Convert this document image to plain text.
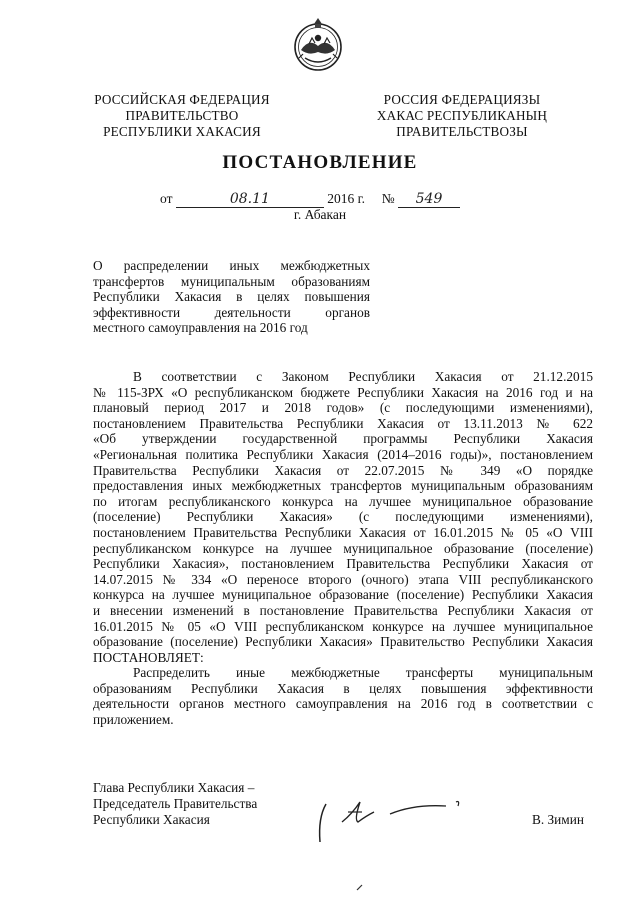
РОССИЙСКАЯ ФЕДЕРАЦИЯ
ПРАВИТЕЛЬСТВО
РЕСПУБЛИКИ ХАКАСИЯ
РОССИЯ ФЕДЕРАЦИЯЗЫ
ХАКАС РЕСПУБЛИКАНЫҢ
ПРАВИТЕЛЬСТВОЗЫ
ПОСТАНОВЛЕНИЕ
от	08.11	2016 г. № 549
г. Абакан
О распределении иных межбюджетных
трансфертов муниципальным образованиям
Республики Хакасия в целях повышения
эффективности деятельности органов
местного самоуправления на 2016 год
В соответствии с Законом Республики Хакасия от 21.12.2015
№ 115-ЗРХ «О республиканском бюджете Республики Хакасия на 2016 год и на
плановый период 2017 и 2018 годов» (с последующими изменениями),
постановлением Правительства Республики Хакасия от 13.11.2013 № 622
«Об утверждении государственной программы Республики Хакасия
«Региональная политика Республики Хакасия (2014–2016 годы)», постановлением
Правительства Республики Хакасия от 22.07.2015 № 349 «О порядке
предоставления иных межбюджетных трансфертов муниципальным образованиям
по итогам республиканского конкурса на лучшее муниципальное образование
(поселение) Республики Хакасия» (с последующими изменениями),
постановлением Правительства Республики Хакасия от 16.01.2015 № 05 «О VIII
республиканском конкурсе на лучшее муниципальное образование (поселение)
Республики Хакасия», постановлением Правительства Республики Хакасия от
14.07.2015 № 334 «О переносе второго (очного) этапа VIII республиканского
конкурса на лучшее муниципальное образование (поселение) Республики Хакасия
и внесении изменений в постановление Правительства Республики Хакасия от
16.01.2015 № 05 «О VIII республиканском конкурсе на лучшее муниципальное
образование (поселение) Республики Хакасия» Правительство Республики Хакасия
ПОСТАНОВЛЯЕТ:
Распределить иные межбюджетные трансферты муниципальным
образованиям Республики Хакасия в целях повышения эффективности
деятельности органов местного самоуправления на 2016 год в соответствии с
приложением.
Глава Республики Хакасия –
Председатель Правительства
Республики Хакасия	В. Зимин
